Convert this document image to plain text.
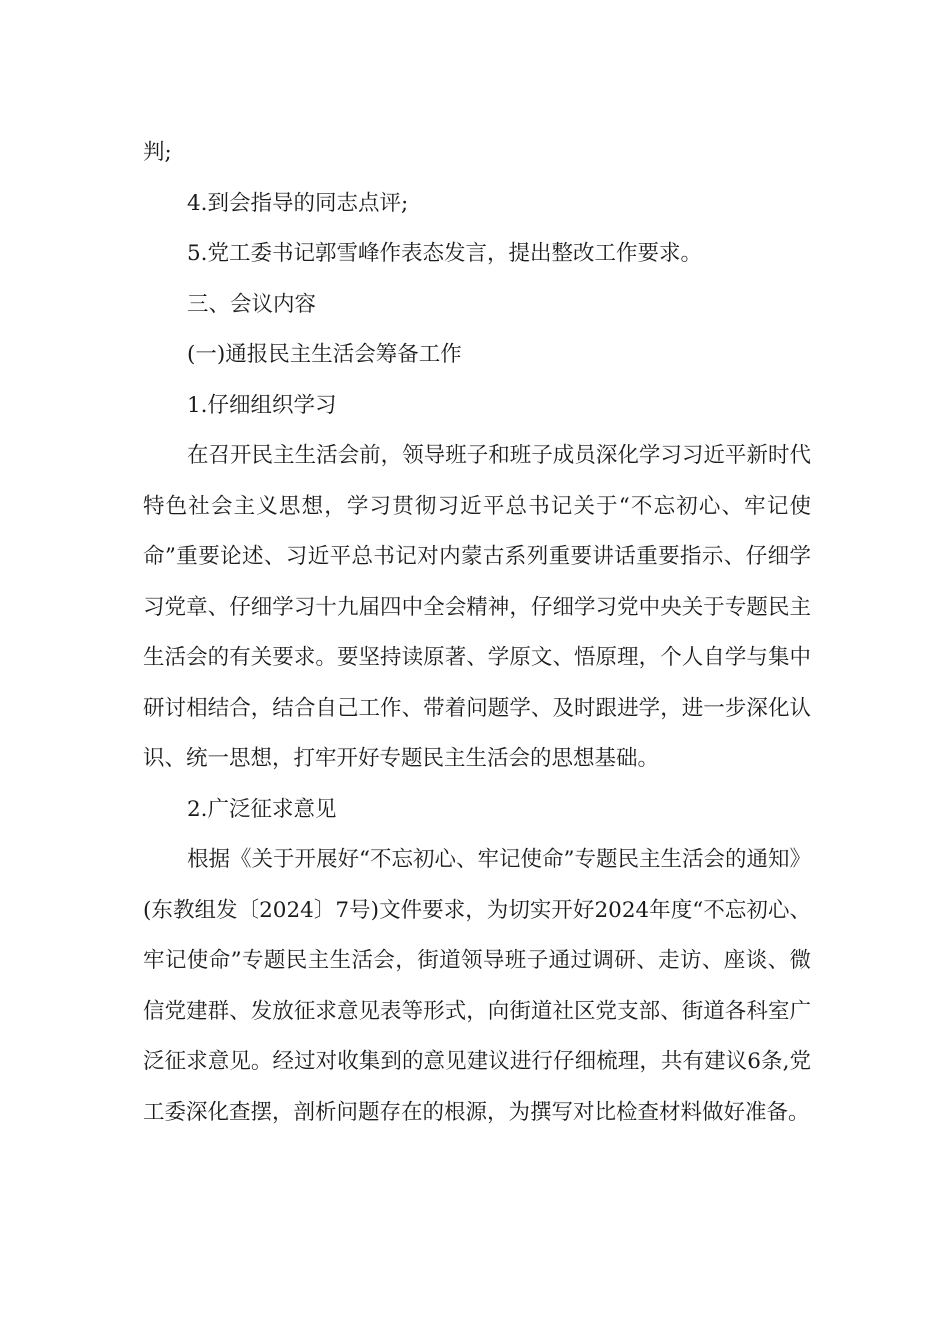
判;

4.到会指导的同志点评;

5.党工委书记郭雪峰作表态发言，提出整改工作要求。

三、会议内容

(一)通报民主生活会筹备工作

1.仔细组织学习

在召开民主生活会前，领导班子和班子成员深化学习习近平新时代特色社会主义思想，学习贯彻习近平总书记关于“不忘初心、牢记使命”重要论述、习近平总书记对内蒙古系列重要讲话重要指示、仔细学习党章、仔细学习十九届四中全会精神，仔细学习党中央关于专题民主生活会的有关要求。要坚持读原著、学原文、悟原理，个人自学与集中研讨相结合，结合自己工作、带着问题学、及时跟进学，进一步深化认识、统一思想，打牢开好专题民主生活会的思想基础。

2.广泛征求意见

根据《关于开展好“不忘初心、牢记使命”专题民主生活会的通知》(东教组发〔2024〕7号)文件要求，为切实开好2024年度“不忘初心、牢记使命”专题民主生活会，街道领导班子通过调研、走访、座谈、微信党建群、发放征求意见表等形式，向街道社区党支部、街道各科室广泛征求意见。经过对收集到的意见建议进行仔细梳理，共有建议6条,党工委深化查摆，剖析问题存在的根源，为撰写对比检查材料做好准备。
